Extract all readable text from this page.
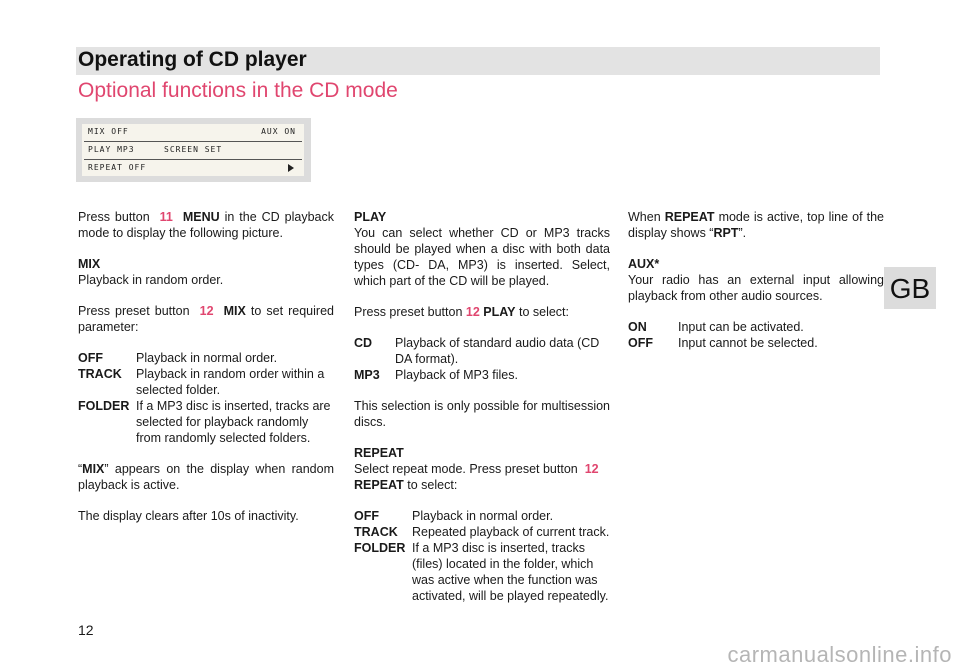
Operating of CD player
Optional functions in the CD mode
MIX OFF	AUX ON
PLAY MP3	SCREEN SET
REPEAT OFF

Press button 11 MENU in the CD playback mode to display the following picture.

MIX
Playback in random order.

Press preset button 12 MIX to set required parameter:

OFF	Playback in normal order.
TRACK	Playback in random order within a selected folder.
FOLDER If a MP3 disc is inserted, tracks are selected for playback randomly from randomly selected folders.

“MIX” appears on the display when random playback is active.

The display clears after 10s of inactivity.

PLAY
You can select whether CD or MP3 tracks should be played when a disc with both data types (CD- DA, MP3) is inserted. Select, which part of the CD will be played.

Press preset button 12 PLAY to select:

CD	Playback of standard audio data (CD DA format).
MP3	Playback of MP3 files.

This selection is only possible for multisession discs.

REPEAT
Select repeat mode. Press preset button 12
REPEAT to select:

OFF	Playback in normal order.
TRACK	Repeated playback of current track.
FOLDER If a MP3 disc is inserted, tracks (files) located in the folder, which was active when the function was activated, will be played repeatedly.

When REPEAT mode is active, top line of the display shows “RPT”.

AUX*
Your radio has an external input allowing playback from other audio sources.

ON	Input can be activated.
OFF	Input cannot be selected.
GB
12
carmanualsonline.info
